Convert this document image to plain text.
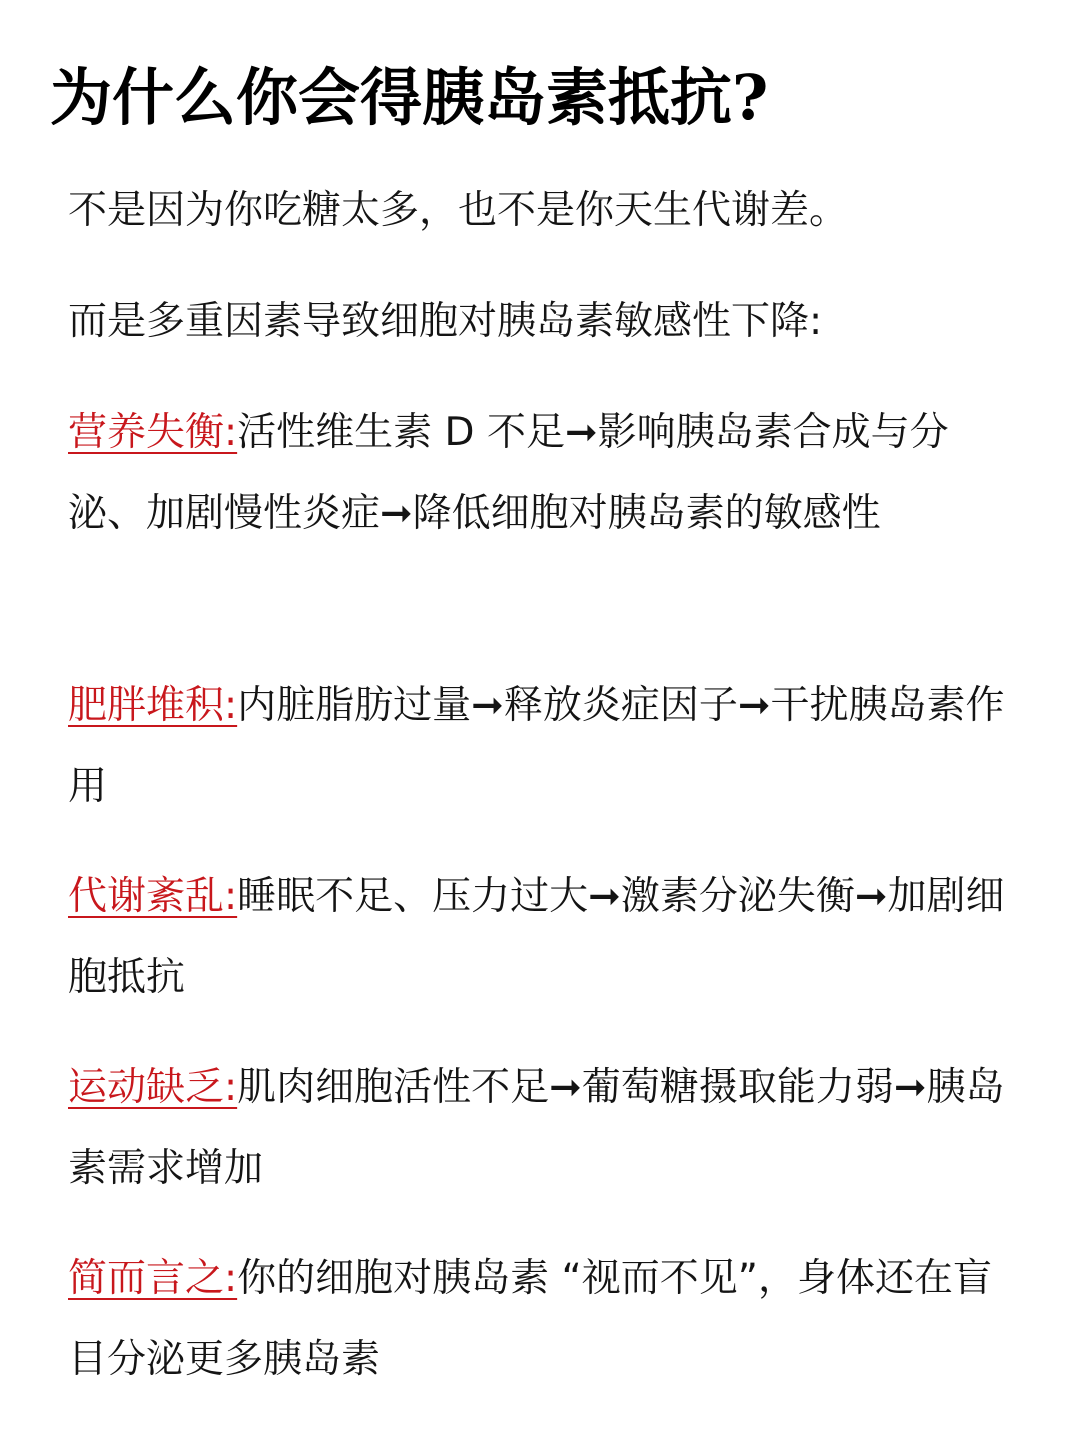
为什么你会得胰岛素抵抗?
不是因为你吃糖太多，也不是你天生代谢差。
而是多重因素导致细胞对胰岛素敏感性下降:
营养失衡:活性维生素 D 不足➞影响胰岛素合成与分泌、加剧慢性炎症➞降低细胞对胰岛素的敏感性
肥胖堆积:内脏脂肪过量➞释放炎症因子➞干扰胰岛素作用
代谢紊乱:睡眠不足、压力过大➞激素分泌失衡➞加剧细胞抵抗
运动缺乏:肌肉细胞活性不足➞葡萄糖摄取能力弱➞胰岛素需求增加
简而言之:你的细胞对胰岛素 “视而不见”，身体还在盲目分泌更多胰岛素
